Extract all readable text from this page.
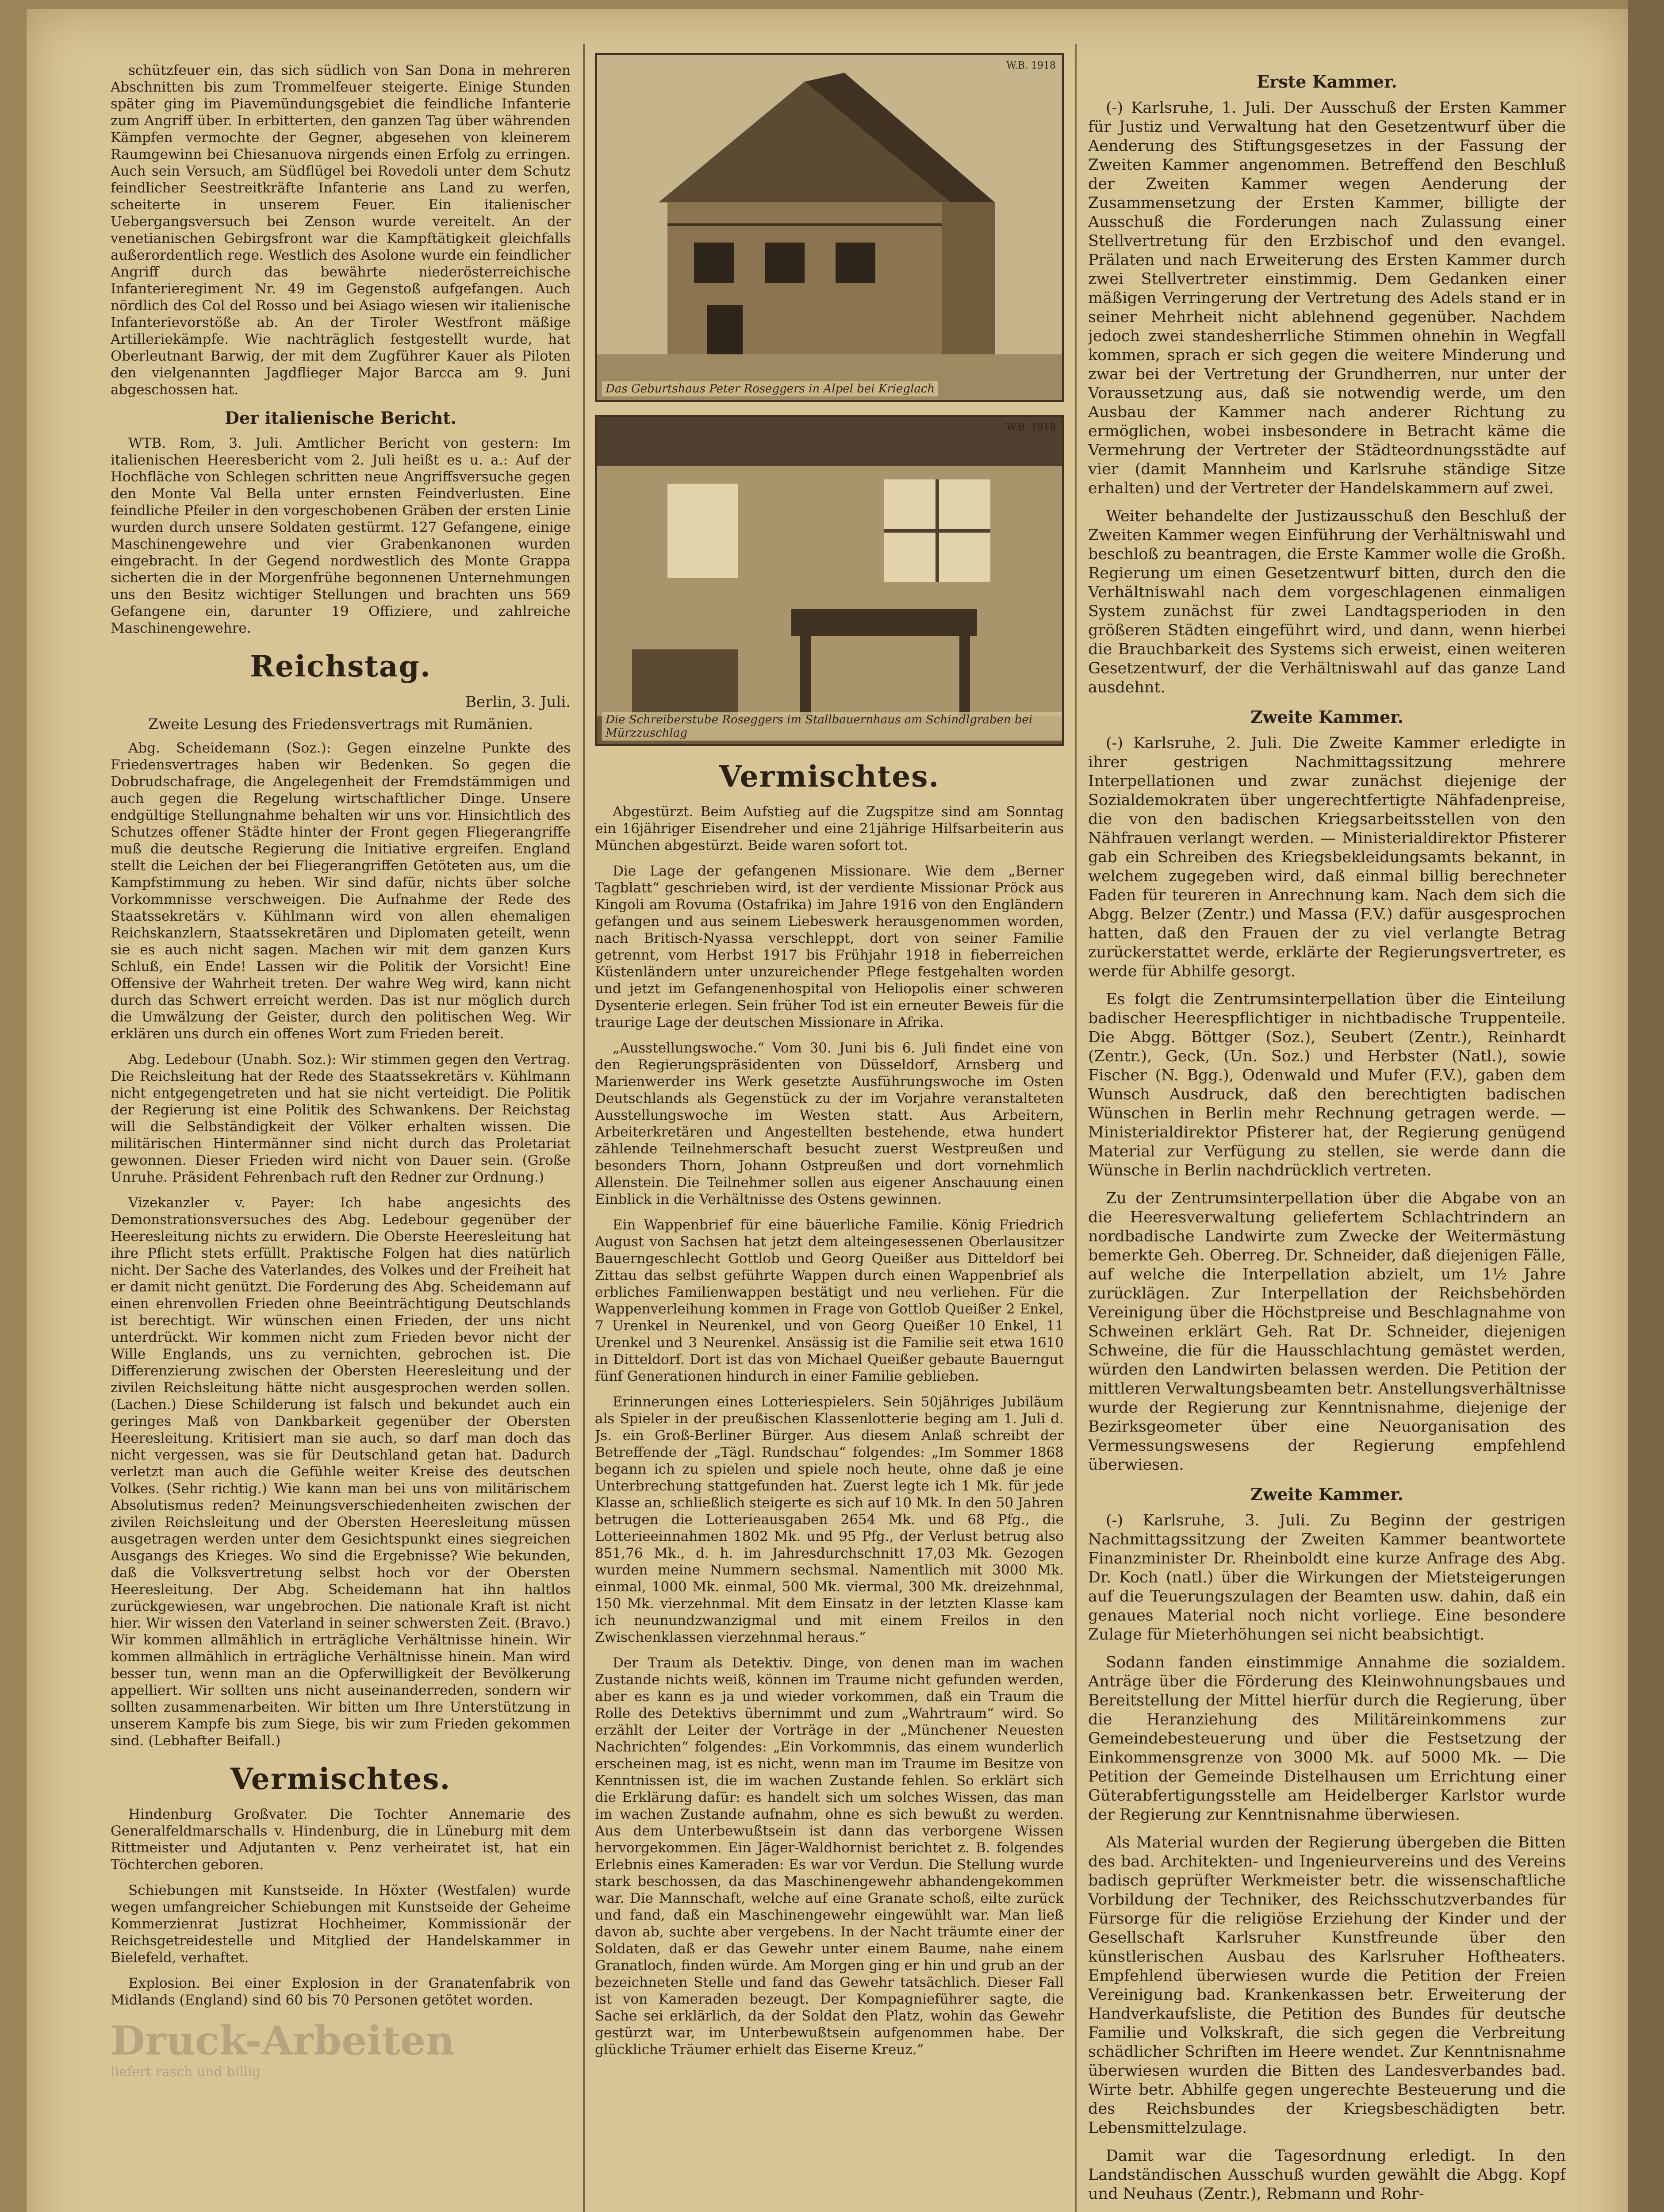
schützfeuer ein, das sich südlich von San Dona in mehreren Abschnitten bis zum Trommelfeuer steigerte. Einige Stunden später ging im Piavemündungsgebiet die feindliche Infanterie zum Angriff über. In erbitterten, den ganzen Tag über währenden Kämpfen vermochte der Gegner, abgesehen von kleinerem Raumgewinn bei Chiesanuova nirgends einen Erfolg zu erringen. Auch sein Versuch, am Südflügel bei Rovedoli unter dem Schutz feindlicher Seestreitkräfte Infanterie ans Land zu werfen, scheiterte in unserem Feuer. Ein italienischer Uebergangsversuch bei Zenson wurde vereitelt. An der venetianischen Gebirgsfront war die Kampftätigkeit gleichfalls außerordentlich rege. Westlich des Asolone wurde ein feindlicher Angriff durch das bewährte niederösterreichische Infanterieregiment Nr. 49 im Gegenstoß aufgefangen. Auch nördlich des Col del Rosso und bei Asiago wiesen wir italienische Infanterievorstöße ab. An der Tiroler Westfront mäßige Artilleriekämpfe. Wie nachträglich festgestellt wurde, hat Oberleutnant Barwig, der mit dem Zugführer Kauer als Piloten den vielgenannten Jagdflieger Major Barcca am 9. Juni abgeschossen hat.

Der italienische Bericht.

WTB. Rom, 3. Juli. Amtlicher Bericht von gestern: Im italienischen Heeresbericht vom 2. Juli heißt es u. a.: Auf der Hochfläche von Schlegen schritten neue Angriffsversuche gegen den Monte Val Bella unter ernsten Feindverlusten. Eine feindliche Pfeiler in den vorgeschobenen Gräben der ersten Linie wurden durch unsere Soldaten gestürmt. 127 Gefangene, einige Maschinengewehre und vier Grabenkanonen wurden eingebracht. In der Gegend nordwestlich des Monte Grappa sicherten die in der Morgenfrühe begonnenen Unternehmungen uns den Besitz wichtiger Stellungen und brachten uns 569 Gefangene ein, darunter 19 Offiziere, und zahlreiche Maschinengewehre.

Reichstag.
Berlin, 3. Juli.
Zweite Lesung des Friedensvertrags mit Rumänien.

Abg. Scheidemann (Soz.): Gegen einzelne Punkte des Friedensvertrages haben wir Bedenken. So gegen die Dobrudschafrage, die Angelegenheit der Fremdstämmigen und auch gegen die Regelung wirtschaftlicher Dinge. Unsere endgültige Stellungnahme behalten wir uns vor. Hinsichtlich des Schutzes offener Städte hinter der Front gegen Fliegerangriffe muß die deutsche Regierung die Initiative ergreifen. England stellt die Leichen der bei Fliegerangriffen Getöteten aus, um die Kampfstimmung zu heben. Wir sind dafür, nichts über solche Vorkommnisse verschweigen. Die Aufnahme der Rede des Staatssekretärs v. Kühlmann wird von allen ehemaligen Reichskanzlern, Staatssekretären und Diplomaten geteilt, wenn sie es auch nicht sagen. Machen wir mit dem ganzen Kurs Schluß, ein Ende! Lassen wir die Politik der Vorsicht! Eine Offensive der Wahrheit treten. Der wahre Weg wird, kann nicht durch das Schwert erreicht werden. Das ist nur möglich durch die Umwälzung der Geister, durch den politischen Weg. Wir erklären uns durch ein offenes Wort zum Frieden bereit.

Abg. Ledebour (Unabh. Soz.): Wir stimmen gegen den Vertrag. Die Reichsleitung hat der Rede des Staatssekretärs v. Kühlmann nicht entgegengetreten und hat sie nicht verteidigt. Die Politik der Regierung ist eine Politik des Schwankens. Der Reichstag will die Selbständigkeit der Völker erhalten wissen. Die militärischen Hintermänner sind nicht durch das Proletariat gewonnen. Dieser Frieden wird nicht von Dauer sein. (Große Unruhe. Präsident Fehrenbach ruft den Redner zur Ordnung.)

Vizekanzler v. Payer: Ich habe angesichts des Demonstrationsversuches des Abg. Ledebour gegenüber der Heeresleitung nichts zu erwidern. Die Oberste Heeresleitung hat ihre Pflicht stets erfüllt. Praktische Folgen hat dies natürlich nicht. Der Sache des Vaterlandes, des Volkes und der Freiheit hat er damit nicht genützt. Die Forderung des Abg. Scheidemann auf einen ehrenvollen Frieden ohne Beeinträchtigung Deutschlands ist berechtigt. Wir wünschen einen Frieden, der uns nicht unterdrückt. Wir kommen nicht zum Frieden bevor nicht der Wille Englands, uns zu vernichten, gebrochen ist. Die Differenzierung zwischen der Obersten Heeresleitung und der zivilen Reichsleitung hätte nicht ausgesprochen werden sollen. (Lachen.) Diese Schilderung ist falsch und bekundet auch ein geringes Maß von Dankbarkeit gegenüber der Obersten Heeresleitung. Kritisiert man sie auch, so darf man doch das nicht vergessen, was sie für Deutschland getan hat. Dadurch verletzt man auch die Gefühle weiter Kreise des deutschen Volkes. (Sehr richtig.) Wie kann man bei uns von militärischem Absolutismus reden? Meinungsverschiedenheiten zwischen der zivilen Reichsleitung und der Obersten Heeresleitung müssen ausgetragen werden unter dem Gesichtspunkt eines siegreichen Ausgangs des Krieges. Wo sind die Ergebnisse? Wie bekunden, daß die Volksvertretung selbst hoch vor der Obersten Heeresleitung. Der Abg. Scheidemann hat ihn haltlos zurückgewiesen, war ungebrochen. Die nationale Kraft ist nicht hier. Wir wissen den Vaterland in seiner schwersten Zeit. (Bravo.) Wir kommen allmählich in erträgliche Verhältnisse hinein. Wir kommen allmählich in erträgliche Verhältnisse hinein. Man wird besser tun, wenn man an die Opferwilligkeit der Bevölkerung appelliert. Wir sollten uns nicht auseinanderreden, sondern wir sollten zusammenarbeiten. Wir bitten um Ihre Unterstützung in unserem Kampfe bis zum Siege, bis wir zum Frieden gekommen sind. (Lebhafter Beifall.)

Vermischtes.

Hindenburg Großvater. Die Tochter Annemarie des Generalfeldmarschalls v. Hindenburg, die in Lüneburg mit dem Rittmeister und Adjutanten v. Penz verheiratet ist, hat ein Töchterchen geboren.

Schiebungen mit Kunstseide. In Höxter (Westfalen) wurde wegen umfangreicher Schiebungen mit Kunstseide der Geheime Kommerzienrat Justizrat Hochheimer, Kommissionär der Reichsgetreidestelle und Mitglied der Handelskammer in Bielefeld, verhaftet.

Explosion. Bei einer Explosion in der Granatenfabrik von Midlands (England) sind 60 bis 70 Personen getötet worden.

Druck-Arbeiten
liefert rasch und billig
W.B. 1918
Das Geburtshaus Peter Roseggers in Alpel bei Krieglach
W.B. 1918
Die Schreiberstube Roseggers im Stallbauernhaus am Schindlgraben bei Mürzzuschlag
Vermischtes.

Abgestürzt. Beim Aufstieg auf die Zugspitze sind am Sonntag ein 16jähriger Eisendreher und eine 21jährige Hilfsarbeiterin aus München abgestürzt. Beide waren sofort tot.

Die Lage der gefangenen Missionare. Wie dem „Berner Tagblatt“ geschrieben wird, ist der verdiente Missionar Pröck aus Kingoli am Rovuma (Ostafrika) im Jahre 1916 von den Engländern gefangen und aus seinem Liebeswerk herausgenommen worden, nach Britisch-Nyassa verschleppt, dort von seiner Familie getrennt, vom Herbst 1917 bis Frühjahr 1918 in fieberreichen Küstenländern unter unzureichender Pflege festgehalten worden und jetzt im Gefangenenhospital von Heliopolis einer schweren Dysenterie erlegen. Sein früher Tod ist ein erneuter Beweis für die traurige Lage der deutschen Missionare in Afrika.

„Ausstellungswoche.“ Vom 30. Juni bis 6. Juli findet eine von den Regierungspräsidenten von Düsseldorf, Arnsberg und Marienwerder ins Werk gesetzte Ausführungswoche im Osten Deutschlands als Gegenstück zu der im Vorjahre veranstalteten Ausstellungswoche im Westen statt. Aus Arbeitern, Arbeiterkretären und Angestellten bestehende, etwa hundert zählende Teilnehmerschaft besucht zuerst Westpreußen und besonders Thorn, Johann Ostpreußen und dort vornehmlich Allenstein. Die Teilnehmer sollen aus eigener Anschauung einen Einblick in die Verhältnisse des Ostens gewinnen.

Ein Wappenbrief für eine bäuerliche Familie. König Friedrich August von Sachsen hat jetzt dem alteingesessenen Oberlausitzer Bauerngeschlecht Gottlob und Georg Queißer aus Ditteldorf bei Zittau das selbst geführte Wappen durch einen Wappenbrief als erbliches Familienwappen bestätigt und neu verliehen. Für die Wappenverleihung kommen in Frage von Gottlob Queißer 2 Enkel, 7 Urenkel in Neurenkel, und von Georg Queißer 10 Enkel, 11 Urenkel und 3 Neurenkel. Ansässig ist die Familie seit etwa 1610 in Ditteldorf. Dort ist das von Michael Queißer gebaute Bauerngut fünf Generationen hindurch in einer Familie geblieben.

Erinnerungen eines Lotteriespielers. Sein 50jähriges Jubiläum als Spieler in der preußischen Klassenlotterie beging am 1. Juli d. Js. ein Groß-Berliner Bürger. Aus diesem Anlaß schreibt der Betreffende der „Tägl. Rundschau“ folgendes: „Im Sommer 1868 begann ich zu spielen und spiele noch heute, ohne daß je eine Unterbrechung stattgefunden hat. Zuerst legte ich 1 Mk. für jede Klasse an, schließlich steigerte es sich auf 10 Mk. In den 50 Jahren betrugen die Lotterieausgaben 2654 Mk. und 68 Pfg., die Lotterieeinnahmen 1802 Mk. und 95 Pfg., der Verlust betrug also 851,76 Mk., d. h. im Jahresdurchschnitt 17,03 Mk. Gezogen wurden meine Nummern sechsmal. Namentlich mit 3000 Mk. einmal, 1000 Mk. einmal, 500 Mk. viermal, 300 Mk. dreizehnmal, 150 Mk. vierzehnmal. Mit dem Einsatz in der letzten Klasse kam ich neunundzwanzigmal und mit einem Freilos in den Zwischenklassen vierzehnmal heraus.“

Der Traum als Detektiv. Dinge, von denen man im wachen Zustande nichts weiß, können im Traume nicht gefunden werden, aber es kann es ja und wieder vorkommen, daß ein Traum die Rolle des Detektivs übernimmt und zum „Wahrtraum“ wird. So erzählt der Leiter der Vorträge in der „Münchener Neuesten Nachrichten“ folgendes: „Ein Vorkommnis, das einem wunderlich erscheinen mag, ist es nicht, wenn man im Traume im Besitze von Kenntnissen ist, die im wachen Zustande fehlen. So erklärt sich die Erklärung dafür: es handelt sich um solches Wissen, das man im wachen Zustande aufnahm, ohne es sich bewußt zu werden. Aus dem Unterbewußtsein ist dann das verborgene Wissen hervorgekommen. Ein Jäger-Waldhornist berichtet z. B. folgendes Erlebnis eines Kameraden: Es war vor Verdun. Die Stellung wurde stark beschossen, da das Maschinengewehr abhandengekommen war. Die Mannschaft, welche auf eine Granate schoß, eilte zurück und fand, daß ein Maschinengewehr eingewühlt war. Man ließ davon ab, suchte aber vergebens. In der Nacht träumte einer der Soldaten, daß er das Gewehr unter einem Baume, nahe einem Granatloch, finden würde. Am Morgen ging er hin und grub an der bezeichneten Stelle und fand das Gewehr tatsächlich. Dieser Fall ist von Kameraden bezeugt. Der Kompagnieführer sagte, die Sache sei erklärlich, da der Soldat den Platz, wohin das Gewehr gestürzt war, im Unterbewußtsein aufgenommen habe. Der glückliche Träumer erhielt das Eiserne Kreuz.“

Erste Kammer.

(-) Karlsruhe, 1. Juli. Der Ausschuß der Ersten Kammer für Justiz und Verwaltung hat den Gesetzentwurf über die Aenderung des Stiftungsgesetzes in der Fassung der Zweiten Kammer angenommen. Betreffend den Beschluß der Zweiten Kammer wegen Aenderung der Zusammensetzung der Ersten Kammer, billigte der Ausschuß die Forderungen nach Zulassung einer Stellvertretung für den Erzbischof und den evangel. Prälaten und nach Erweiterung des Ersten Kammer durch zwei Stellvertreter einstimmig. Dem Gedanken einer mäßigen Verringerung der Vertretung des Adels stand er in seiner Mehrheit nicht ablehnend gegenüber. Nachdem jedoch zwei standesherrliche Stimmen ohnehin in Wegfall kommen, sprach er sich gegen die weitere Minderung und zwar bei der Vertretung der Grundherren, nur unter der Voraussetzung aus, daß sie notwendig werde, um den Ausbau der Kammer nach anderer Richtung zu ermöglichen, wobei insbesondere in Betracht käme die Vermehrung der Vertreter der Städteordnungsstädte auf vier (damit Mannheim und Karlsruhe ständige Sitze erhalten) und der Vertreter der Handelskammern auf zwei.

Weiter behandelte der Justizausschuß den Beschluß der Zweiten Kammer wegen Einführung der Verhältniswahl und beschloß zu beantragen, die Erste Kammer wolle die Großh. Regierung um einen Gesetzentwurf bitten, durch den die Verhältniswahl nach dem vorgeschlagenen einmaligen System zunächst für zwei Landtagsperioden in den größeren Städten eingeführt wird, und dann, wenn hierbei die Brauchbarkeit des Systems sich erweist, einen weiteren Gesetzentwurf, der die Verhältniswahl auf das ganze Land ausdehnt.

Zweite Kammer.

(-) Karlsruhe, 2. Juli. Die Zweite Kammer erledigte in ihrer gestrigen Nachmittagssitzung mehrere Interpellationen und zwar zunächst diejenige der Sozialdemokraten über ungerechtfertigte Nähfadenpreise, die von den badischen Kriegsarbeitsstellen von den Nähfrauen verlangt werden. — Ministerialdirektor Pfisterer gab ein Schreiben des Kriegsbekleidungsamts bekannt, in welchem zugegeben wird, daß einmal billig berechneter Faden für teureren in Anrechnung kam. Nach dem sich die Abgg. Belzer (Zentr.) und Massa (F.V.) dafür ausgesprochen hatten, daß den Frauen der zu viel verlangte Betrag zurückerstattet werde, erklärte der Regierungsvertreter, es werde für Abhilfe gesorgt.

Es folgt die Zentrumsinterpellation über die Einteilung badischer Heerespflichtiger in nichtbadische Truppenteile. Die Abgg. Böttger (Soz.), Seubert (Zentr.), Reinhardt (Zentr.), Geck, (Un. Soz.) und Herbster (Natl.), sowie Fischer (N. Bgg.), Odenwald und Mufer (F.V.), gaben dem Wunsch Ausdruck, daß den berechtigten badischen Wünschen in Berlin mehr Rechnung getragen werde. — Ministerialdirektor Pfisterer hat, der Regierung genügend Material zur Verfügung zu stellen, sie werde dann die Wünsche in Berlin nachdrücklich vertreten.

Zu der Zentrumsinterpellation über die Abgabe von an die Heeresverwaltung geliefertem Schlachtrindern an nordbadische Landwirte zum Zwecke der Weitermästung bemerkte Geh. Oberreg. Dr. Schneider, daß diejenigen Fälle, auf welche die Interpellation abzielt, um 1½ Jahre zurücklägen. Zur Interpellation der Reichsbehörden Vereinigung über die Höchstpreise und Beschlagnahme von Schweinen erklärt Geh. Rat Dr. Schneider, diejenigen Schweine, die für die Hausschlachtung gemästet werden, würden den Landwirten belassen werden. Die Petition der mittleren Verwaltungsbeamten betr. Anstellungsverhältnisse wurde der Regierung zur Kenntnisnahme, diejenige der Bezirksgeometer über eine Neuorganisation des Vermessungswesens der Regierung empfehlend überwiesen.

Zweite Kammer.

(-) Karlsruhe, 3. Juli. Zu Beginn der gestrigen Nachmittagssitzung der Zweiten Kammer beantwortete Finanzminister Dr. Rheinboldt eine kurze Anfrage des Abg. Dr. Koch (natl.) über die Wirkungen der Mietsteigerungen auf die Teuerungszulagen der Beamten usw. dahin, daß ein genaues Material noch nicht vorliege. Eine besondere Zulage für Mieterhöhungen sei nicht beabsichtigt.

Sodann fanden einstimmige Annahme die sozialdem. Anträge über die Förderung des Kleinwohnungsbaues und Bereitstellung der Mittel hierfür durch die Regierung, über die Heranziehung des Militäreinkommens zur Gemeindebesteuerung und über die Festsetzung der Einkommensgrenze von 3000 Mk. auf 5000 Mk. — Die Petition der Gemeinde Distelhausen um Errichtung einer Güterabfertigungsstelle am Heidelberger Karlstor wurde der Regierung zur Kenntnisnahme überwiesen.

Als Material wurden der Regierung übergeben die Bitten des bad. Architekten- und Ingenieurvereins und des Vereins badisch geprüfter Werkmeister betr. die wissenschaftliche Vorbildung der Techniker, des Reichsschutzverbandes für Fürsorge für die religiöse Erziehung der Kinder und der Gesellschaft Karlsruher Kunstfreunde über den künstlerischen Ausbau des Karlsruher Hoftheaters. Empfehlend überwiesen wurde die Petition der Freien Vereinigung bad. Krankenkassen betr. Erweiterung der Handverkaufsliste, die Petition des Bundes für deutsche Familie und Volkskraft, die sich gegen die Verbreitung schädlicher Schriften im Heere wendet. Zur Kenntnisnahme überwiesen wurden die Bitten des Landesverbandes bad. Wirte betr. Abhilfe gegen ungerechte Besteuerung und die des Reichsbundes der Kriegsbeschädigten betr. Lebensmittelzulage.

Damit war die Tagesordnung erledigt. In den Landständischen Ausschuß wurden gewählt die Abgg. Kopf und Neuhaus (Zentr.), Rebmann und Rohr-
